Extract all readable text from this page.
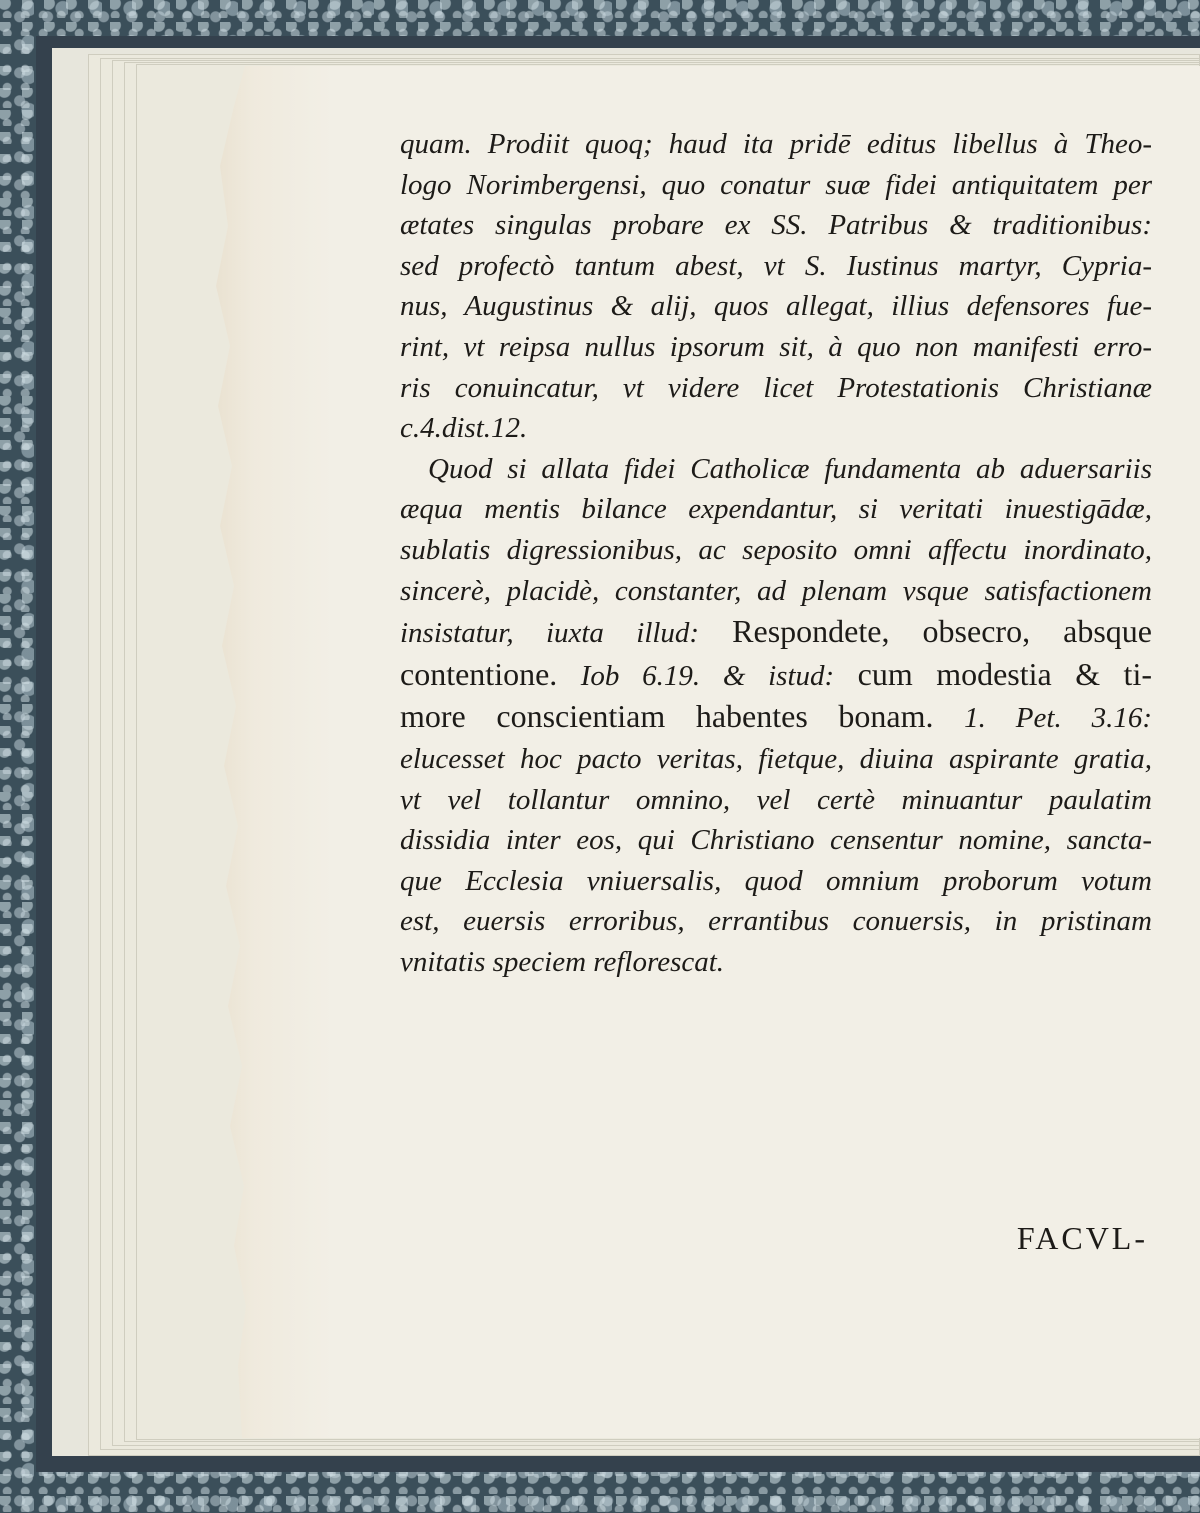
quam. Prodiit quoq; haud ita pridē editus libellus à Theo-
logo Norimbergensi, quo conatur suæ fidei antiquitatem per
ætates singulas probare ex SS. Patribus & traditionibus:
sed profectò tantum abest, vt S. Iustinus martyr, Cypria-
nus, Augustinus & alij, quos allegat, illius defensores fue-
rint, vt reipsa nullus ipsorum sit, à quo non manifesti erro-
ris conuincatur, vt videre licet Protestationis Christianæ
c.4.dist.12.
Quod si allata fidei Catholicæ fundamenta ab aduersariis
æqua mentis bilance expendantur, si veritati inuestigādæ,
sublatis digressionibus, ac seposito omni affectu inordinato,
sincerè, placidè, constanter, ad plenam vsque satisfactionem
insistatur, iuxta illud: Respondete, obsecro, absque
contentione. Iob 6.19. & istud: cum modestia & ti-
more conscientiam habentes bonam. 1. Pet. 3.16:
elucesset hoc pacto veritas, fietque, diuina aspirante gratia,
vt vel tollantur omnino, vel certè minuantur paulatim
dissidia inter eos, qui Christiano censentur nomine, sancta-
que Ecclesia vniuersalis, quod omnium proborum votum
est, euersis erroribus, errantibus conuersis, in pristinam
vnitatis speciem reflorescat.
FACVL-
